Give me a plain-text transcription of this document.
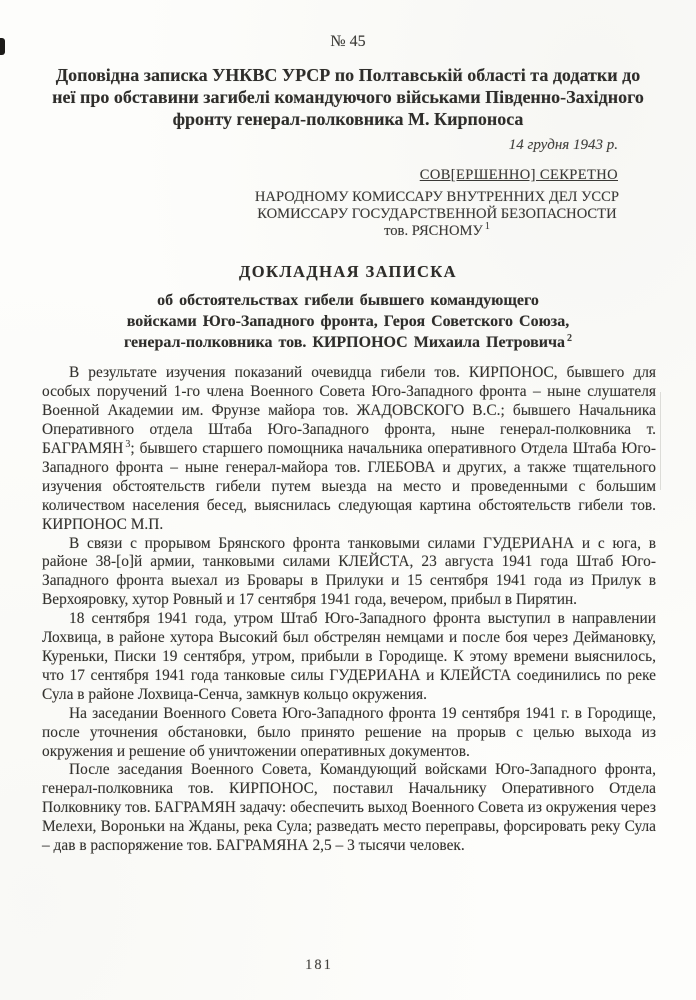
№ 45
Доповідна записка УНКВС УРСР по Полтавській області та додатки до неї про обставини загибелі командуючого військами Південно-Західного фронту генерал-полковника М. Кирпоноса
14 грудня 1943 р.
СОВ[ЕРШЕННО] СЕКРЕТНО
НАРОДНОМУ КОМИССАРУ ВНУТРЕННИХ ДЕЛ УССР
КОМИССАРУ ГОСУДАРСТВЕННОЙ БЕЗОПАСНОСТИ
тов. РЯСНОМУ $^1$
ДОКЛАДНАЯ ЗАПИСКА
об обстоятельствах гибели бывшего командующего
войсками Юго-Западного фронта, Героя Советского Союза,
генерал-полковника тов. КИРПОНОС Михаила Петровича $^2$

В результате изучения показаний очевидца гибели тов. КИРПОНОС, бывшего для особых поручений 1-го члена Военного Совета Юго-Западного фронта – ныне слушателя Военной Академии им. Фрунзе майора тов. ЖАДОВСКОГО В.С.; бывшего Начальника Оперативного отдела Штаба Юго-Западного фронта, ныне генерал-полковника т. БАГРАМЯН $^3$; бывшего старшего помощника начальника оперативного Отдела Штаба Юго-Западного фронта – ныне генерал-майора тов. ГЛЕБОВА и других, а также тщательного изучения обстоятельств гибели путем выезда на место и проведенными с большим количеством населения бесед, выяснилась следующая картина обстоятельств гибели тов. КИРПОНОС М.П.

В связи с прорывом Брянского фронта танковыми силами ГУДЕРИАНА и с юга, в районе 38-[о]й армии, танковыми силами КЛЕЙСТА, 23 августа 1941 года Штаб Юго-Западного фронта выехал из Бровары в Прилуки и 15 сентября 1941 года из Прилук в Верхояровку, хутор Ровный и 17 сентября 1941 года, вечером, прибыл в Пирятин.

18 сентября 1941 года, утром Штаб Юго-Западного фронта выступил в направлении Лохвица, в районе хутора Высокий был обстрелян немцами и после боя через Деймановку, Куреньки, Писки 19 сентября, утром, прибыли в Городище. К этому времени выяснилось, что 17 сентября 1941 года танковые силы ГУДЕРИАНА и КЛЕЙСТА соединились по реке Сула в районе Лохвица-Сенча, замкнув кольцо окружения.

На заседании Военного Совета Юго-Западного фронта 19 сентября 1941 г. в Городище, после уточнения обстановки, было принято решение на прорыв с целью выхода из окружения и решение об уничтожении оперативных документов.

После заседания Военного Совета, Командующий войсками Юго-Западного фронта, генерал-полковника тов. КИРПОНОС, поставил Начальнику Оперативного Отдела Полковнику тов. БАГРАМЯН задачу: обеспечить выход Военного Совета из окружения через Мелехи, Вороньки на Жданы, река Сула; разведать место переправы, форсировать реку Сула – дав в распоряжение тов. БАГРАМЯНА 2,5 – 3 тысячи человек.

181
